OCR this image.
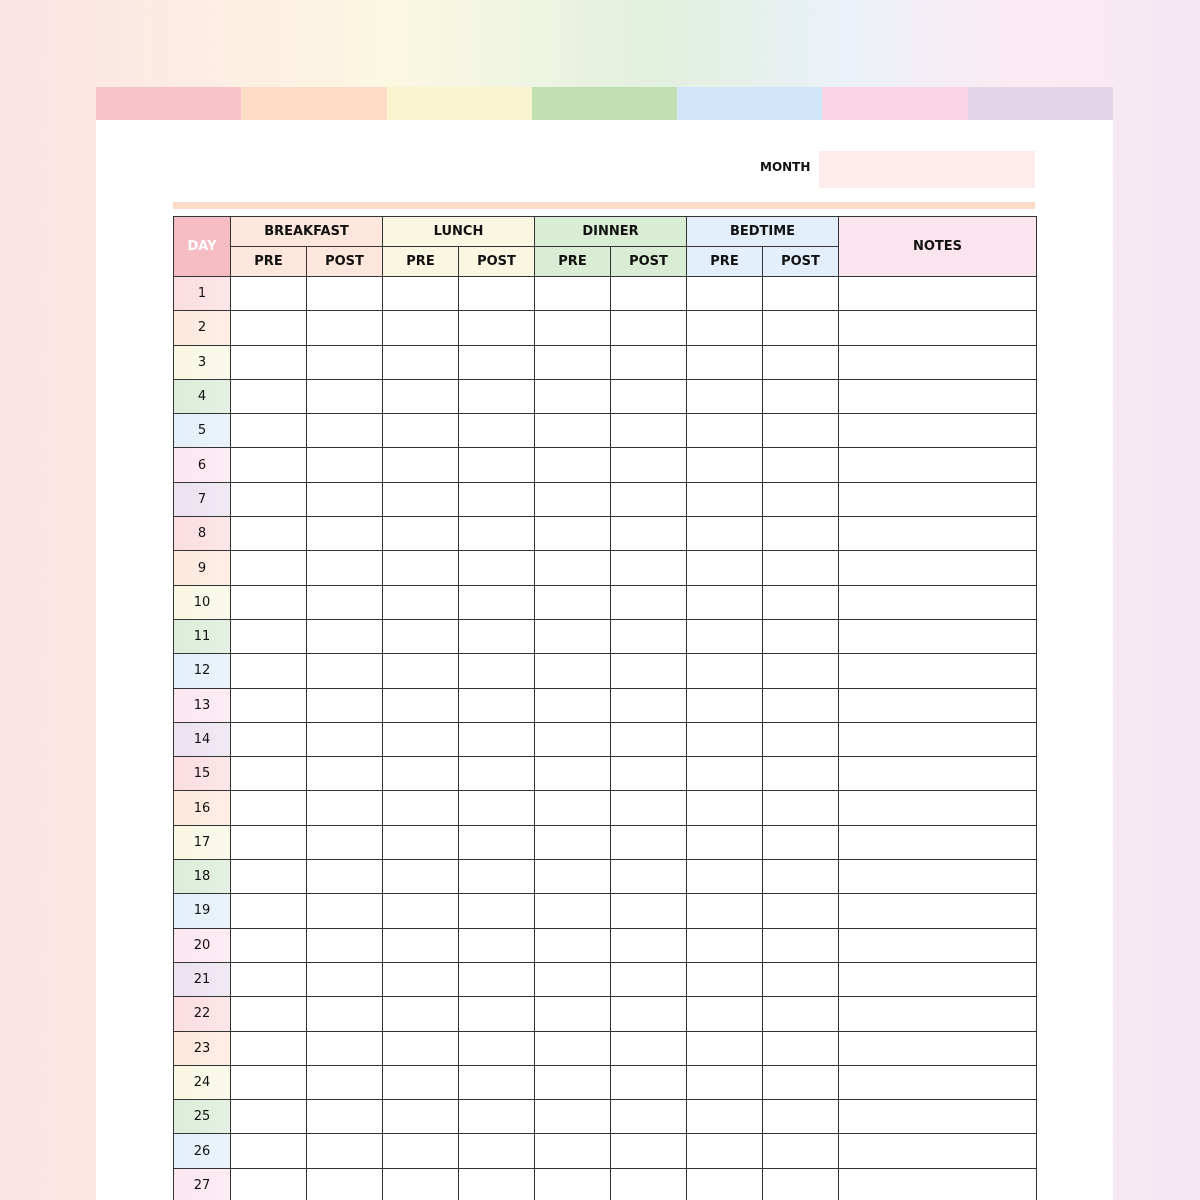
MONTH
DAY	BREAKFAST		LUNCH		DINNER		BEDTIME		NOTES
	PRE	POST	PRE	POST	PRE	POST	PRE	POST	
1									
2									
3									
4									
5									
6									
7									
8									
9									
10									
11									
12									
13									
14									
15									
16									
17									
18									
19									
20									
21									
22									
23									
24									
25									
26									
27									
